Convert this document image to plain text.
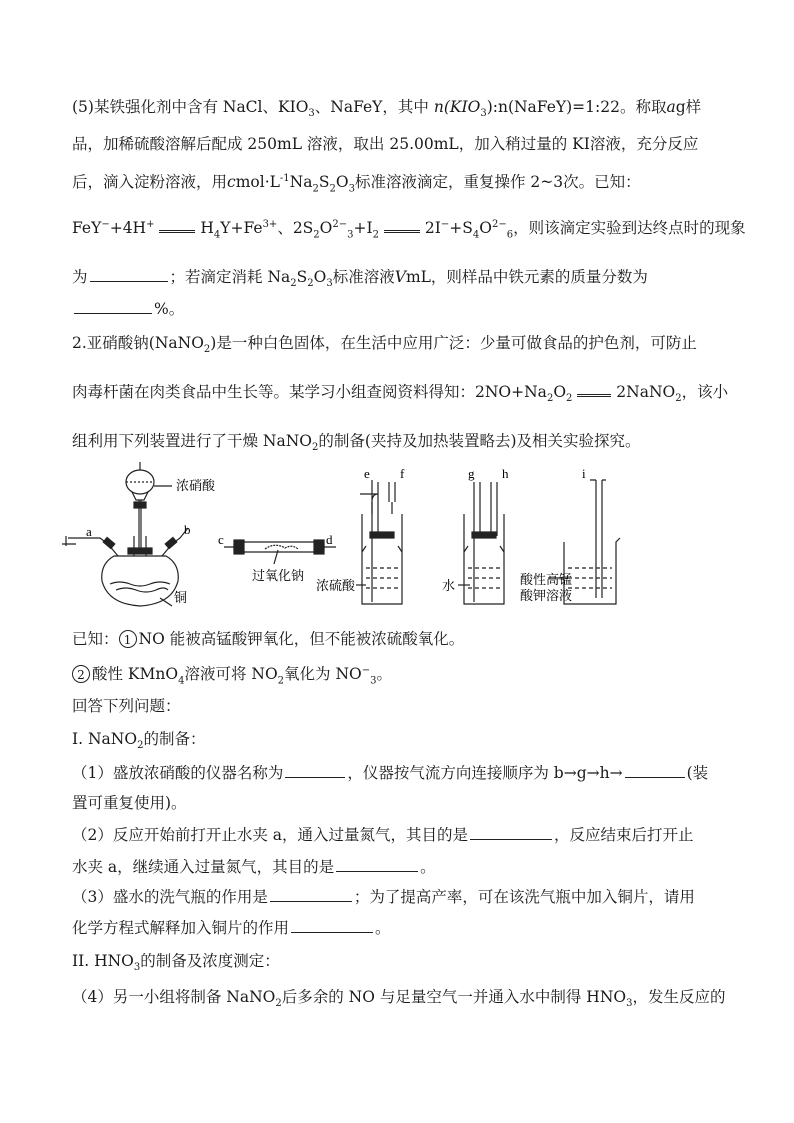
(5)某铁强化剂中含有 NaCl、$KIO_3$、NaFeY，其中 $n(KIO_3):n(NaFeY)=1:22$。称取ag样
品，加稀硫酸溶解后配成 250mL 溶液，取出 25.00mL，加入稍过量的 KI溶液，充分反应
后，滴入淀粉溶液，用$cmol\cdot L^{-1}Na_2S_2O_3$标准溶液滴定，重复操作 2~3次。已知：
FeY−+4H+	$H_4Y+Fe^{3+}$、$2S_2O^{2-}_3+I_2$	$2I^-+S_4O^{2-}_6$，则该滴定实验到达终点时的现象
为	；若滴定消耗 $Na_2S_2O_3$标准溶液VmL，则样品中铁元素的质量分数为
%。
2.亚硝酸钠(NaNO$_2$)是一种白色固体，在生活中应用广泛：少量可做食品的护色剂，可防止
肉毒杆菌在肉类食品中生长等。某学习小组查阅资料得知：$2NO+Na_2O_2$	2NaNO$_2$，该小
组利用下列装置进行了干燥 NaNO$_2$的制备(夹持及加热装置略去)及相关实验探究。
浓硝酸
铜
过氧化钠
浓硫酸	水	酸性高锰
酸钾溶液
a	b
c	d
e f	g h	i
已知： 1 NO 能被高锰酸钾氧化，但不能被浓硫酸氧化。
2 酸性 KMnO$_4$溶液可将 $NO_2$氧化为 $NO^-_3$。
回答下列问题：
I. NaNO$_2$的制备：
（1）盛放浓硝酸的仪器名称为	，仪器按气流方向连接顺序为 b→g→h→	(装
置可重复使用)。
（2）反应开始前打开止水夹 a，通入过量氮气，其目的是	，反应结束后打开止
水夹 a，继续通入过量氮气，其目的是	。
（3）盛水的洗气瓶的作用是	；为了提高产率，可在该洗气瓶中加入铜片，请用
化学方程式解释加入铜片的作用	。
II. $HNO_3$的制备及浓度测定：
（4）另一小组将制备 NaNO$_2$后多余的 NO 与足量空气一并通入水中制得 $HNO_3$，发生反应的
